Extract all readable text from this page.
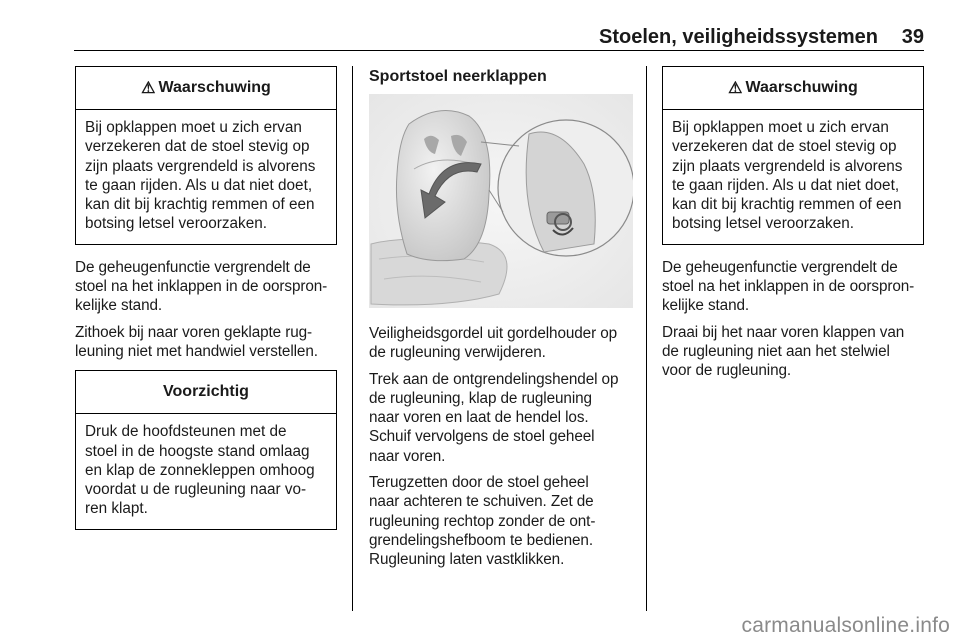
Stoelen, veiligheidssystemen 39
⚠ Waarschuwing
Bij opklappen moet u zich ervan
verzekeren dat de stoel stevig op
zijn plaats vergrendeld is alvorens
te gaan rijden. Als u dat niet doet,
kan dit bij krachtig remmen of een
botsing letsel veroorzaken.
De geheugenfunctie vergrendelt de
stoel na het inklappen in de oorspron-
kelijke stand.
Zithoek bij naar voren geklapte rug-
leuning niet met handwiel verstellen.
Voorzichtig
Druk de hoofdsteunen met de
stoel in de hoogste stand omlaag
en klap de zonnekleppen omhoog
voordat u de rugleuning naar vo-
ren klapt.
Sportstoel neerklappen
Veiligheidsgordel uit gordelhouder op
de rugleuning verwijderen.
Trek aan de ontgrendelingshendel op
de rugleuning, klap de rugleuning
naar voren en laat de hendel los.
Schuif vervolgens de stoel geheel
naar voren.
Terugzetten door de stoel geheel
naar achteren te schuiven. Zet de
rugleuning rechtop zonder de ont-
grendelingshefboom te bedienen.
Rugleuning laten vastklikken.
⚠ Waarschuwing
Bij opklappen moet u zich ervan
verzekeren dat de stoel stevig op
zijn plaats vergrendeld is alvorens
te gaan rijden. Als u dat niet doet,
kan dit bij krachtig remmen of een
botsing letsel veroorzaken.
De geheugenfunctie vergrendelt de
stoel na het inklappen in de oorspron-
kelijke stand.
Draai bij het naar voren klappen van
de rugleuning niet aan het stelwiel
voor de rugleuning.
carmanualsonline.info
